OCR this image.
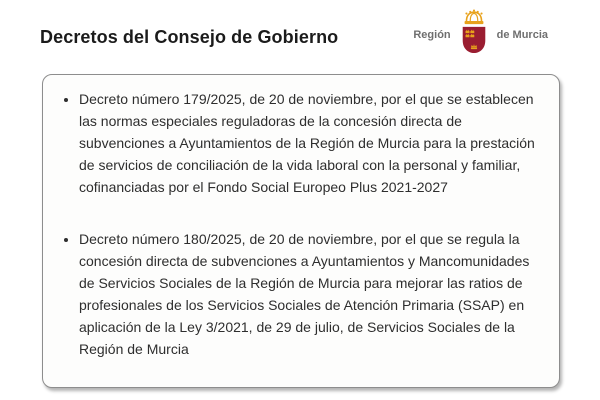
Decretos del Consejo de Gobierno	Región	de Murcia
• Decreto número 179/2025, de 20 de noviembre, por el que se establecen las normas especiales reguladoras de la concesión directa de subvenciones a Ayuntamientos de la Región de Murcia para la prestación de servicios de conciliación de la vida laboral con la personal y familiar, cofinanciadas por el Fondo Social Europeo Plus 2021-2027
• Decreto número 180/2025, de 20 de noviembre, por el que se regula la concesión directa de subvenciones a Ayuntamientos y Mancomunidades de Servicios Sociales de la Región de Murcia para mejorar las ratios de profesionales de los Servicios Sociales de Atención Primaria (SSAP) en aplicación de la Ley 3/2021, de 29 de julio, de Servicios Sociales de la Región de Murcia
